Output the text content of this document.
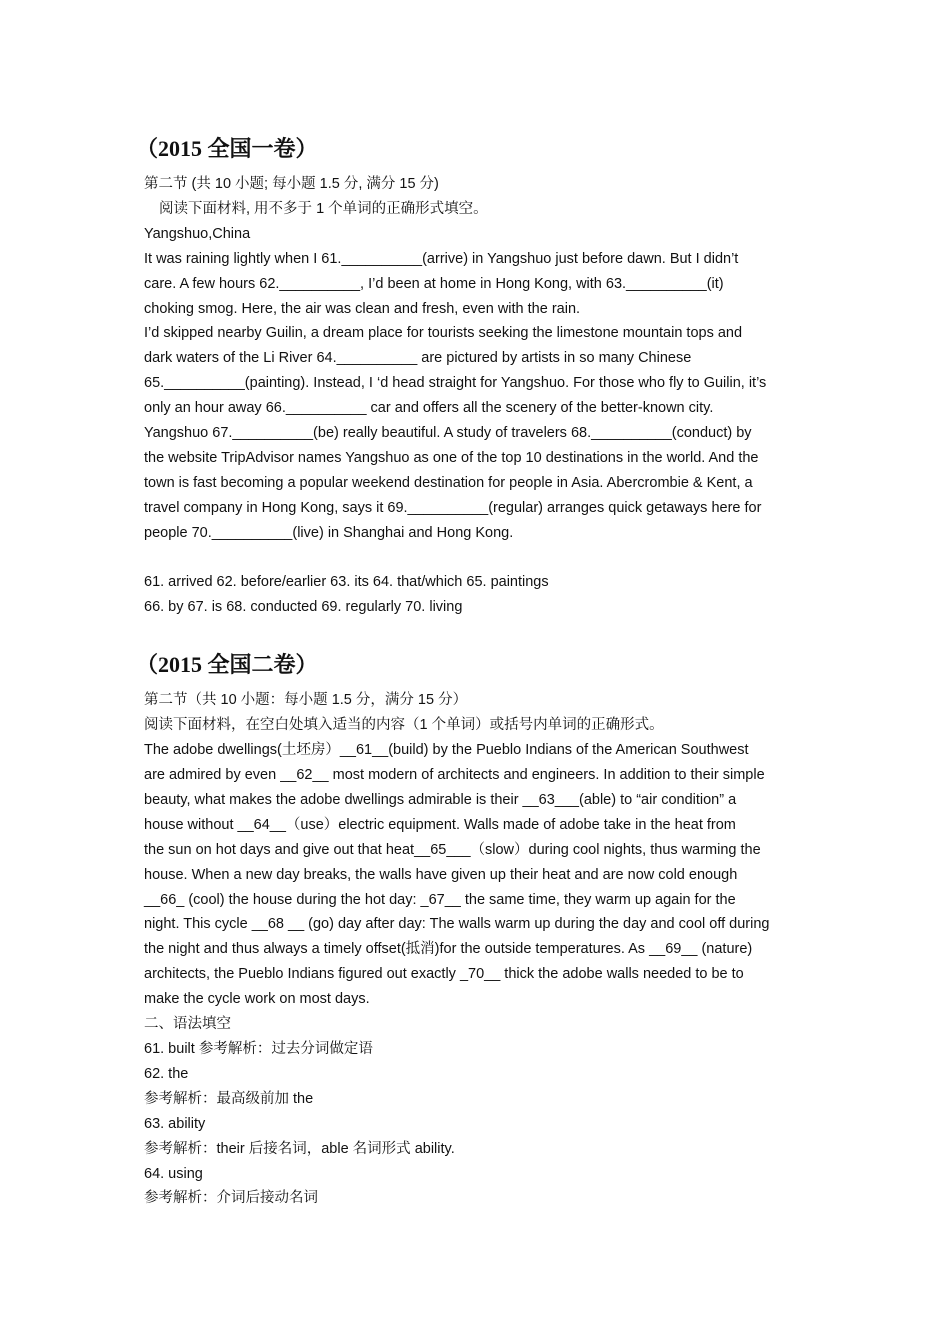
（2015 全国一卷）

第二节 (共 10 小题; 每小题 1.5 分, 满分 15 分)

阅读下面材料, 用不多于 1 个单词的正确形式填空。

Yangshuo,China

It was raining lightly when I 61.__________(arrive) in Yangshuo just before dawn. But I didn’t

care. A few hours 62.__________, I’d been at home in Hong Kong, with 63.__________(it)

choking smog. Here, the air was clean and fresh, even with the rain.

I’d skipped nearby Guilin, a dream place for tourists seeking the limestone mountain tops and

dark waters of the Li River 64.__________ are pictured by artists in so many Chinese

65.__________(painting). Instead, I ‘d head straight for Yangshuo. For those who fly to Guilin, it’s

only an hour away 66.__________ car and offers all the scenery of the better-known city.

Yangshuo 67.__________(be) really beautiful. A study of travelers 68.__________(conduct) by

the website TripAdvisor names Yangshuo as one of the top 10 destinations in the world. And the

town is fast becoming a popular weekend destination for people in Asia. Abercrombie & Kent, a

travel company in Hong Kong, says it 69.__________(regular) arranges quick getaways here for

people 70.__________(live) in Shanghai and Hong Kong.

61. arrived 62. before/earlier 63. its 64. that/which 65. paintings

66. by 67. is 68. conducted 69. regularly 70. living

（2015 全国二卷）

第二节（共 10 小题：每小题 1.5 分，满分 15 分）

阅读下面材料，在空白处填入适当的内容（1 个单词）或括号内单词的正确形式。

The adobe dwellings(土坯房）__61__(build) by the Pueblo Indians of the American Southwest

are admired by even __62__ most modern of architects and engineers. In addition to their simple

beauty, what makes the adobe dwellings admirable is their __63___(able) to “air condition” a

house without __64__（use）electric equipment. Walls made of adobe take in the heat from

the sun on hot days and give out that heat__65___（slow）during cool nights, thus warming the

house. When a new day breaks, the walls have given up their heat and are now cold enough

__66_ (cool) the house during the hot day: _67__ the same time, they warm up again for the

night. This cycle __68 __ (go) day after day: The walls warm up during the day and cool off during

the night and thus always a timely offset(抵消)for the outside temperatures. As __69__ (nature)

architects, the Pueblo Indians figured out exactly _70__ thick the adobe walls needed to be to

make the cycle work on most days.

二、语法填空

61. built 参考解析：过去分词做定语

62. the

参考解析：最高级前加 the

63. ability

参考解析：their 后接名词，able 名词形式 ability.

64. using

参考解析：介词后接动名词
